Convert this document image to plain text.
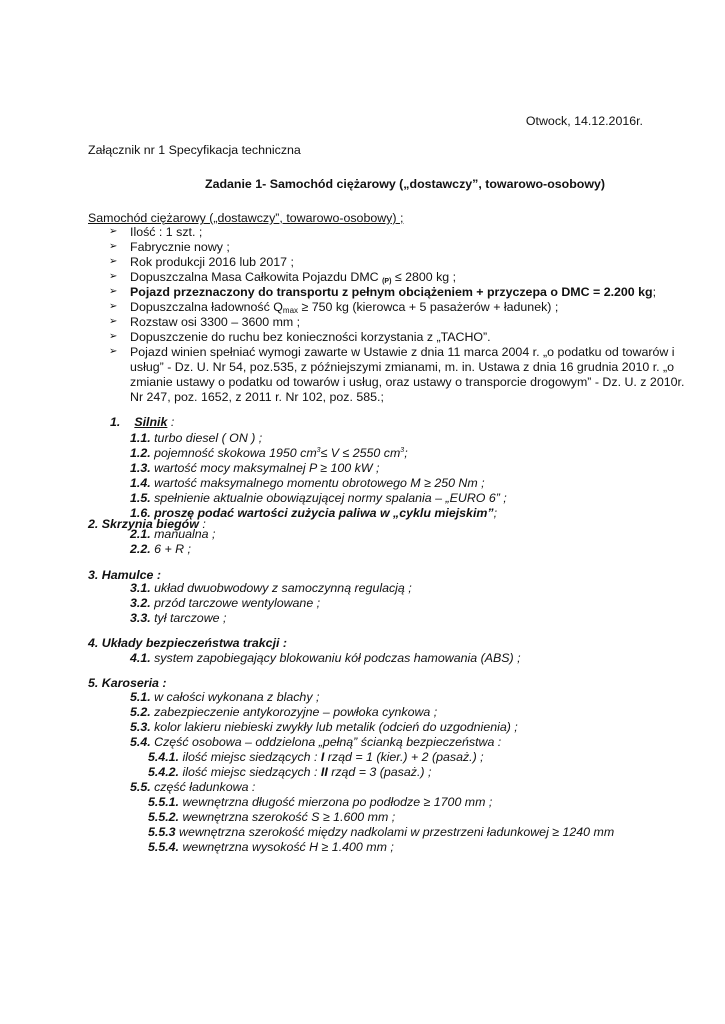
Otwock, 14.12.2016r.
Załącznik nr 1 Specyfikacja techniczna
Zadanie 1- Samochód ciężarowy („dostawczy”, towarowo-osobowy)
Samochód ciężarowy („dostawczy”, towarowo-osobowy) ;
➢ Ilość : 1 szt. ;
➢ Fabrycznie nowy ;
➢ Rok produkcji 2016 lub 2017 ;
➢ Dopuszczalna Masa Całkowita Pojazdu DMC (P) ≤ 2800 kg ;
➢ Pojazd przeznaczony do transportu z pełnym obciążeniem + przyczepa o DMC = 2.200 kg;
➢ Dopuszczalna ładowność Qmax ≥ 750 kg (kierowca + 5 pasażerów + ładunek) ;
➢ Rozstaw osi 3300 – 3600 mm ;
➢ Dopuszczenie do ruchu bez konieczności korzystania z „TACHO”.
➢ Pojazd winien spełniać wymogi zawarte w Ustawie z dnia 11 marca 2004 r. „o podatku od towarów i
usług” - Dz. U. Nr 54, poz.535, z późniejszymi zmianami, m. in. Ustawa z dnia 16 grudnia 2010 r. „o
zmianie ustawy o podatku od towarów i usług, oraz ustawy o transporcie drogowym” - Dz. U. z 2010r.
Nr 247, poz. 1652, z 2011 r. Nr 102, poz. 585.;
1. Silnik :
1.1. turbo diesel ( ON ) ;
1.2. pojemność skokowa 1950 $cm^3\le V \le 2550$ $cm^3$;
1.3. wartość mocy maksymalnej P ≥ 100 kW ;
1.4. wartość maksymalnego momentu obrotowego M ≥ 250 Nm ;
1.5. spełnienie aktualnie obowiązującej normy spalania – „EURO 6” ;
1.6. proszę podać wartości zużycia paliwa w „cyklu miejskim”;
2. Skrzynia biegów :
2.1. manualna ;
2.2. 6 + R ;
3. Hamulce :
3.1. układ dwuobwodowy z samoczynną regulacją ;
3.2. przód tarczowe wentylowane ;
3.3. tył tarczowe ;
4. Układy bezpieczeństwa trakcji :
4.1. system zapobiegający blokowaniu kół podczas hamowania (ABS) ;
5. Karoseria :
5.1. w całości wykonana z blachy ;
5.2. zabezpieczenie antykorozyjne – powłoka cynkowa ;
5.3. kolor lakieru niebieski zwykły lub metalik (odcień do uzgodnienia) ;
5.4. Część osobowa – oddzielona „pełną” ścianką bezpieczeństwa :
5.4.1. ilość miejsc siedzących : I rząd = 1 (kier.) + 2 (pasaż.) ;
5.4.2. ilość miejsc siedzących : II rząd = 3 (pasaż.) ;
5.5. część ładunkowa :
5.5.1. wewnętrzna długość mierzona po podłodze ≥ 1700 mm ;
5.5.2. wewnętrzna szerokość S ≥ 1.600 mm ;
5.5.3 wewnętrzna szerokość między nadkolami w przestrzeni ładunkowej ≥ 1240 mm
5.5.4. wewnętrzna wysokość H ≥ 1.400 mm ;
